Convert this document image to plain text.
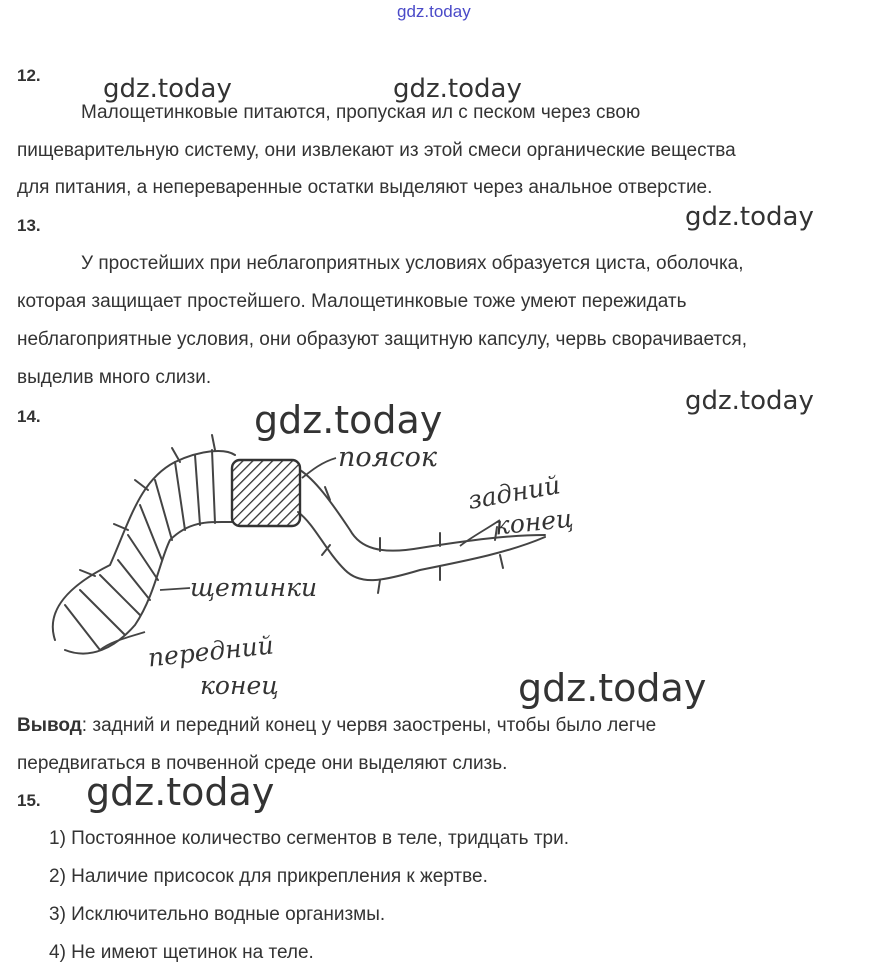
gdz.today
gdz.today	gdz.today
gdz.today
gdz.today
gdz.today
gdz.today
gdz.today
12.
Малощетинковые питаются, пропуская ил с песком через свою
пищеварительную систему, они извлекают из этой смеси органические вещества
для питания, а непереваренные остатки выделяют через анальное отверстие.
13.
У простейших при неблагоприятных условиях образуется циста, оболочка,
которая защищает простейшего. Малощетинковые тоже умеют пережидать
неблагоприятные условия, они образуют защитную капсулу, червь сворачивается,
выделив много слизи.
14.
поясок
задний
конец
щетинки
передний
конец
Вывод: задний и передний конец у червя заострены, чтобы было легче
передвигаться в почвенной среде они выделяют слизь.
15.
1) Постоянное количество сегментов в теле, тридцать три.
2) Наличие присосок для прикрепления к жертве.
3) Исключительно водные организмы.
4) Не имеют щетинок на теле.
